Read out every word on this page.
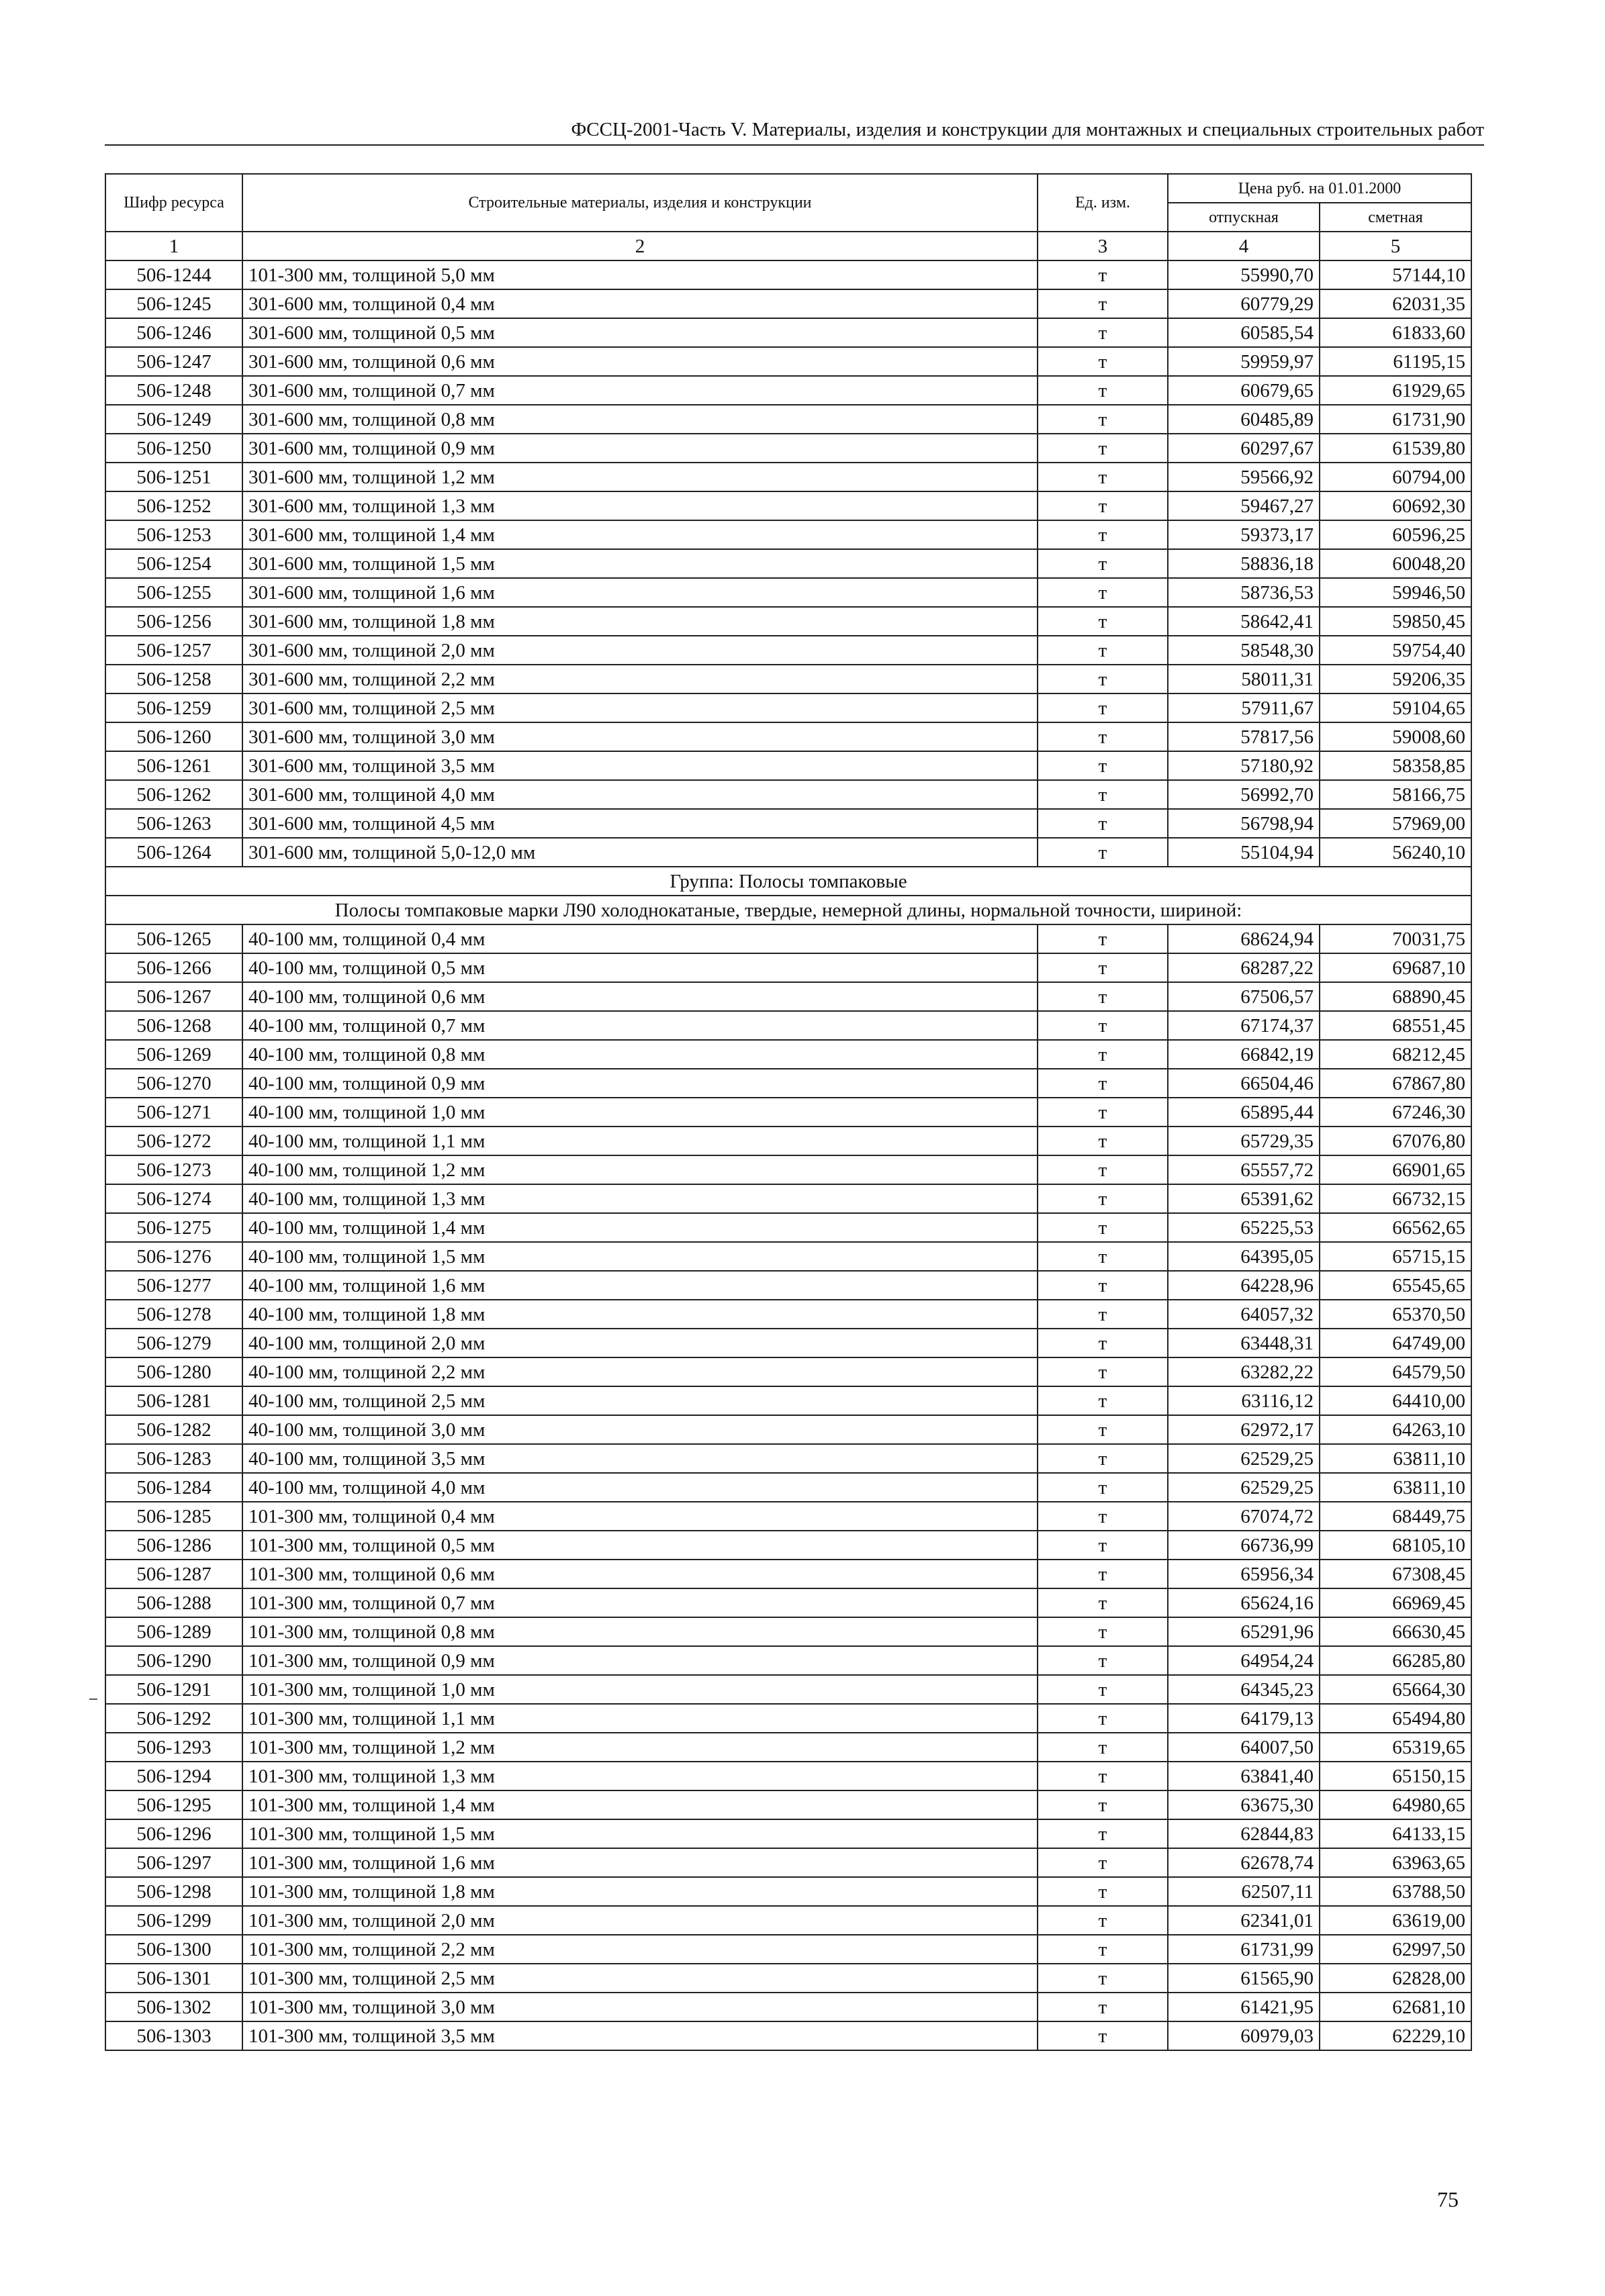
ФССЦ-2001-Часть V. Материалы, изделия и конструкции для монтажных и специальных строительных работ
Шифр ресурса	Строительные материалы, изделия и конструкции	Ед. изм.	Цена руб. на 01.01.2000	
			отпускная	сметная
1	2	3	4	5
506-1244	101-300 мм, толщиной 5,0 мм	т	55990,70	57144,10
506-1245	301-600 мм, толщиной 0,4 мм	т	60779,29	62031,35
506-1246	301-600 мм, толщиной 0,5 мм	т	60585,54	61833,60
506-1247	301-600 мм, толщиной 0,6 мм	т	59959,97	61195,15
506-1248	301-600 мм, толщиной 0,7 мм	т	60679,65	61929,65
506-1249	301-600 мм, толщиной 0,8 мм	т	60485,89	61731,90
506-1250	301-600 мм, толщиной 0,9 мм	т	60297,67	61539,80
506-1251	301-600 мм, толщиной 1,2 мм	т	59566,92	60794,00
506-1252	301-600 мм, толщиной 1,3 мм	т	59467,27	60692,30
506-1253	301-600 мм, толщиной 1,4 мм	т	59373,17	60596,25
506-1254	301-600 мм, толщиной 1,5 мм	т	58836,18	60048,20
506-1255	301-600 мм, толщиной 1,6 мм	т	58736,53	59946,50
506-1256	301-600 мм, толщиной 1,8 мм	т	58642,41	59850,45
506-1257	301-600 мм, толщиной 2,0 мм	т	58548,30	59754,40
506-1258	301-600 мм, толщиной 2,2 мм	т	58011,31	59206,35
506-1259	301-600 мм, толщиной 2,5 мм	т	57911,67	59104,65
506-1260	301-600 мм, толщиной 3,0 мм	т	57817,56	59008,60
506-1261	301-600 мм, толщиной 3,5 мм	т	57180,92	58358,85
506-1262	301-600 мм, толщиной 4,0 мм	т	56992,70	58166,75
506-1263	301-600 мм, толщиной 4,5 мм	т	56798,94	57969,00
506-1264	301-600 мм, толщиной 5,0-12,0 мм	т	55104,94	56240,10
Группа: Полосы томпаковые				
Полосы томпаковые марки Л90 холоднокатаные, твердые, немерной длины, нормальной точности, шириной:				
506-1265	40-100 мм, толщиной 0,4 мм	т	68624,94	70031,75
506-1266	40-100 мм, толщиной 0,5 мм	т	68287,22	69687,10
506-1267	40-100 мм, толщиной 0,6 мм	т	67506,57	68890,45
506-1268	40-100 мм, толщиной 0,7 мм	т	67174,37	68551,45
506-1269	40-100 мм, толщиной 0,8 мм	т	66842,19	68212,45
506-1270	40-100 мм, толщиной 0,9 мм	т	66504,46	67867,80
506-1271	40-100 мм, толщиной 1,0 мм	т	65895,44	67246,30
506-1272	40-100 мм, толщиной 1,1 мм	т	65729,35	67076,80
506-1273	40-100 мм, толщиной 1,2 мм	т	65557,72	66901,65
506-1274	40-100 мм, толщиной 1,3 мм	т	65391,62	66732,15
506-1275	40-100 мм, толщиной 1,4 мм	т	65225,53	66562,65
506-1276	40-100 мм, толщиной 1,5 мм	т	64395,05	65715,15
506-1277	40-100 мм, толщиной 1,6 мм	т	64228,96	65545,65
506-1278	40-100 мм, толщиной 1,8 мм	т	64057,32	65370,50
506-1279	40-100 мм, толщиной 2,0 мм	т	63448,31	64749,00
506-1280	40-100 мм, толщиной 2,2 мм	т	63282,22	64579,50
506-1281	40-100 мм, толщиной 2,5 мм	т	63116,12	64410,00
506-1282	40-100 мм, толщиной 3,0 мм	т	62972,17	64263,10
506-1283	40-100 мм, толщиной 3,5 мм	т	62529,25	63811,10
506-1284	40-100 мм, толщиной 4,0 мм	т	62529,25	63811,10
506-1285	101-300 мм, толщиной 0,4 мм	т	67074,72	68449,75
506-1286	101-300 мм, толщиной 0,5 мм	т	66736,99	68105,10
506-1287	101-300 мм, толщиной 0,6 мм	т	65956,34	67308,45
506-1288	101-300 мм, толщиной 0,7 мм	т	65624,16	66969,45
506-1289	101-300 мм, толщиной 0,8 мм	т	65291,96	66630,45
506-1290	101-300 мм, толщиной 0,9 мм	т	64954,24	66285,80
506-1291	101-300 мм, толщиной 1,0 мм	т	64345,23	65664,30
506-1292	101-300 мм, толщиной 1,1 мм	т	64179,13	65494,80
506-1293	101-300 мм, толщиной 1,2 мм	т	64007,50	65319,65
506-1294	101-300 мм, толщиной 1,3 мм	т	63841,40	65150,15
506-1295	101-300 мм, толщиной 1,4 мм	т	63675,30	64980,65
506-1296	101-300 мм, толщиной 1,5 мм	т	62844,83	64133,15
506-1297	101-300 мм, толщиной 1,6 мм	т	62678,74	63963,65
506-1298	101-300 мм, толщиной 1,8 мм	т	62507,11	63788,50
506-1299	101-300 мм, толщиной 2,0 мм	т	62341,01	63619,00
506-1300	101-300 мм, толщиной 2,2 мм	т	61731,99	62997,50
506-1301	101-300 мм, толщиной 2,5 мм	т	61565,90	62828,00
506-1302	101-300 мм, толщиной 3,0 мм	т	61421,95	62681,10
506-1303	101-300 мм, толщиной 3,5 мм	т	60979,03	62229,10
75
